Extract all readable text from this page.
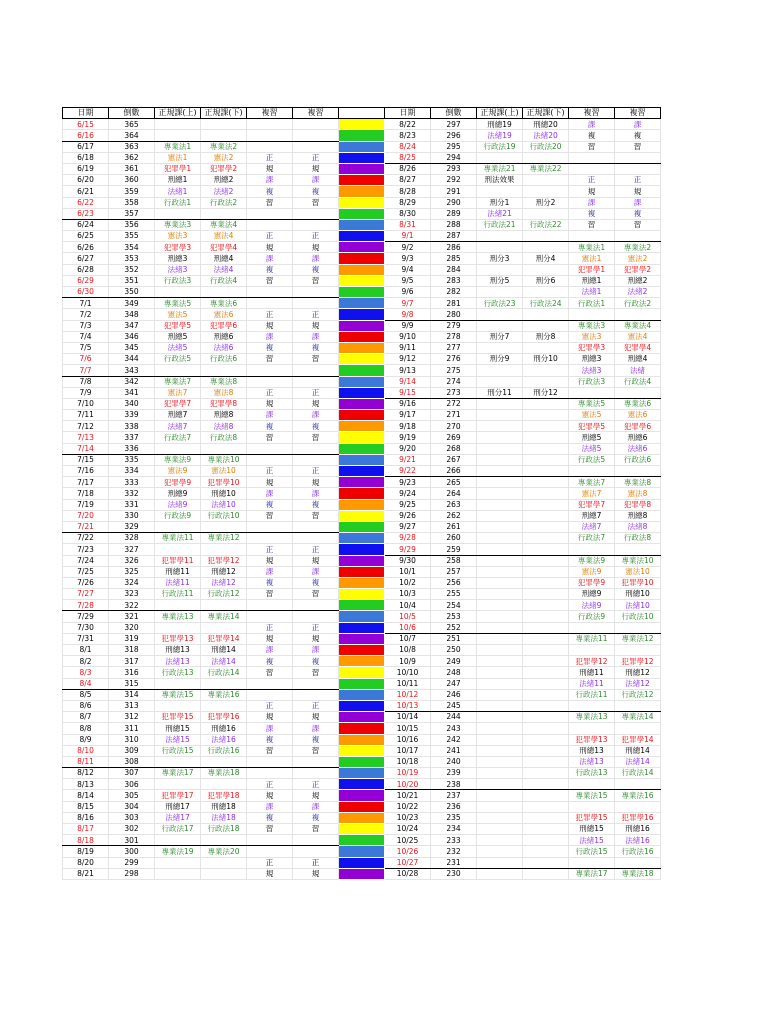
日期	倒數	正規課(上)	正規課(下)	複習	複習		日期	倒數	正規課(上)	正規課(下)	複習	複習
6/15	365						8/22	297	刑總19	刑總20	課	課
6/16	364						8/23	296	法緒19	法緒20	複	複
6/17	363	專業法1	專業法2				8/24	295	行政法19	行政法20	習	習
6/18	362	憲法1	憲法2	正	正		8/25	294				
6/19	361	犯罪學1	犯罪學2	規	規		8/26	293	專業法21	專業法22		
6/20	360	刑總1	刑總2	課	課		8/27	292	刑法效果		正	正
6/21	359	法緒1	法緒2	複	複		8/28	291			規	規
6/22	358	行政法1	行政法2	習	習		8/29	290	刑分1	刑分2	課	課
6/23	357						8/30	289	法緒21		複	複
6/24	356	專業法3	專業法4				8/31	288	行政法21	行政法22	習	習
6/25	355	憲法3	憲法4	正	正		9/1	287				
6/26	354	犯罪學3	犯罪學4	規	規		9/2	286			專業法1	專業法2
6/27	353	刑總3	刑總4	課	課		9/3	285	刑分3	刑分4	憲法1	憲法2
6/28	352	法緒3	法緒4	複	複		9/4	284			犯罪學1	犯罪學2
6/29	351	行政法3	行政法4	習	習		9/5	283	刑分5	刑分6	刑總1	刑總2
6/30	350						9/6	282			法緒1	法緒2
7/1	349	專業法5	專業法6				9/7	281	行政法23	行政法24	行政法1	行政法2
7/2	348	憲法5	憲法6	正	正		9/8	280				
7/3	347	犯罪學5	犯罪學6	規	規		9/9	279			專業法3	專業法4
7/4	346	刑總5	刑總6	課	課		9/10	278	刑分7	刑分8	憲法3	憲法4
7/5	345	法緒5	法緒6	複	複		9/11	277			犯罪學3	犯罪學4
7/6	344	行政法5	行政法6	習	習		9/12	276	刑分9	刑分10	刑總3	刑總4
7/7	343						9/13	275			法緒3	法緒
7/8	342	專業法7	專業法8				9/14	274			行政法3	行政法4
7/9	341	憲法7	憲法8	正	正		9/15	273	刑分11	刑分12		
7/10	340	犯罪學7	犯罪學8	規	規		9/16	272			專業法5	專業法6
7/11	339	刑總7	刑總8	課	課		9/17	271			憲法5	憲法6
7/12	338	法緒7	法緒8	複	複		9/18	270			犯罪學5	犯罪學6
7/13	337	行政法7	行政法8	習	習		9/19	269			刑總5	刑總6
7/14	336						9/20	268			法緒5	法緒6
7/15	335	專業法9	專業法10				9/21	267			行政法5	行政法6
7/16	334	憲法9	憲法10	正	正		9/22	266				
7/17	333	犯罪學9	犯罪學10	規	規		9/23	265			專業法7	專業法8
7/18	332	刑總9	刑總10	課	課		9/24	264			憲法7	憲法8
7/19	331	法緒9	法緒10	複	複		9/25	263			犯罪學7	犯罪學8
7/20	330	行政法9	行政法10	習	習		9/26	262			刑總7	刑總8
7/21	329						9/27	261			法緒7	法緒8
7/22	328	專業法11	專業法12				9/28	260			行政法7	行政法8
7/23	327			正	正		9/29	259				
7/24	326	犯罪學11	犯罪學12	規	規		9/30	258			專業法9	專業法10
7/25	325	刑總11	刑總12	課	課		10/1	257			憲法9	憲法10
7/26	324	法緒11	法緒12	複	複		10/2	256			犯罪學9	犯罪學10
7/27	323	行政法11	行政法12	習	習		10/3	255			刑總9	刑總10
7/28	322						10/4	254			法緒9	法緒10
7/29	321	專業法13	專業法14				10/5	253			行政法9	行政法10
7/30	320			正	正		10/6	252				
7/31	319	犯罪學13	犯罪學14	規	規		10/7	251			專業法11	專業法12
8/1	318	刑總13	刑總14	課	課		10/8	250				
8/2	317	法緒13	法緒14	複	複		10/9	249			犯罪學12	犯罪學12
8/3	316	行政法13	行政法14	習	習		10/10	248			刑總11	刑總12
8/4	315						10/11	247			法緒11	法緒12
8/5	314	專業法15	專業法16				10/12	246			行政法11	行政法12
8/6	313			正	正		10/13	245				
8/7	312	犯罪學15	犯罪學16	規	規		10/14	244			專業法13	專業法14
8/8	311	刑總15	刑總16	課	課		10/15	243				
8/9	310	法緒15	法緒16	複	複		10/16	242			犯罪學13	犯罪學14
8/10	309	行政法15	行政法16	習	習		10/17	241			刑總13	刑總14
8/11	308						10/18	240			法緒13	法緒14
8/12	307	專業法17	專業法18				10/19	239			行政法13	行政法14
8/13	306			正	正		10/20	238				
8/14	305	犯罪學17	犯罪學18	規	規		10/21	237			專業法15	專業法16
8/15	304	刑總17	刑總18	課	課		10/22	236				
8/16	303	法緒17	法緒18	複	複		10/23	235			犯罪學15	犯罪學16
8/17	302	行政法17	行政法18	習	習		10/24	234			刑總15	刑總16
8/18	301						10/25	233			法緒15	法緒16
8/19	300	專業法19	專業法20				10/26	232			行政法15	行政法16
8/20	299			正	正		10/27	231				
8/21	298			規	規		10/28	230			專業法17	專業法18
